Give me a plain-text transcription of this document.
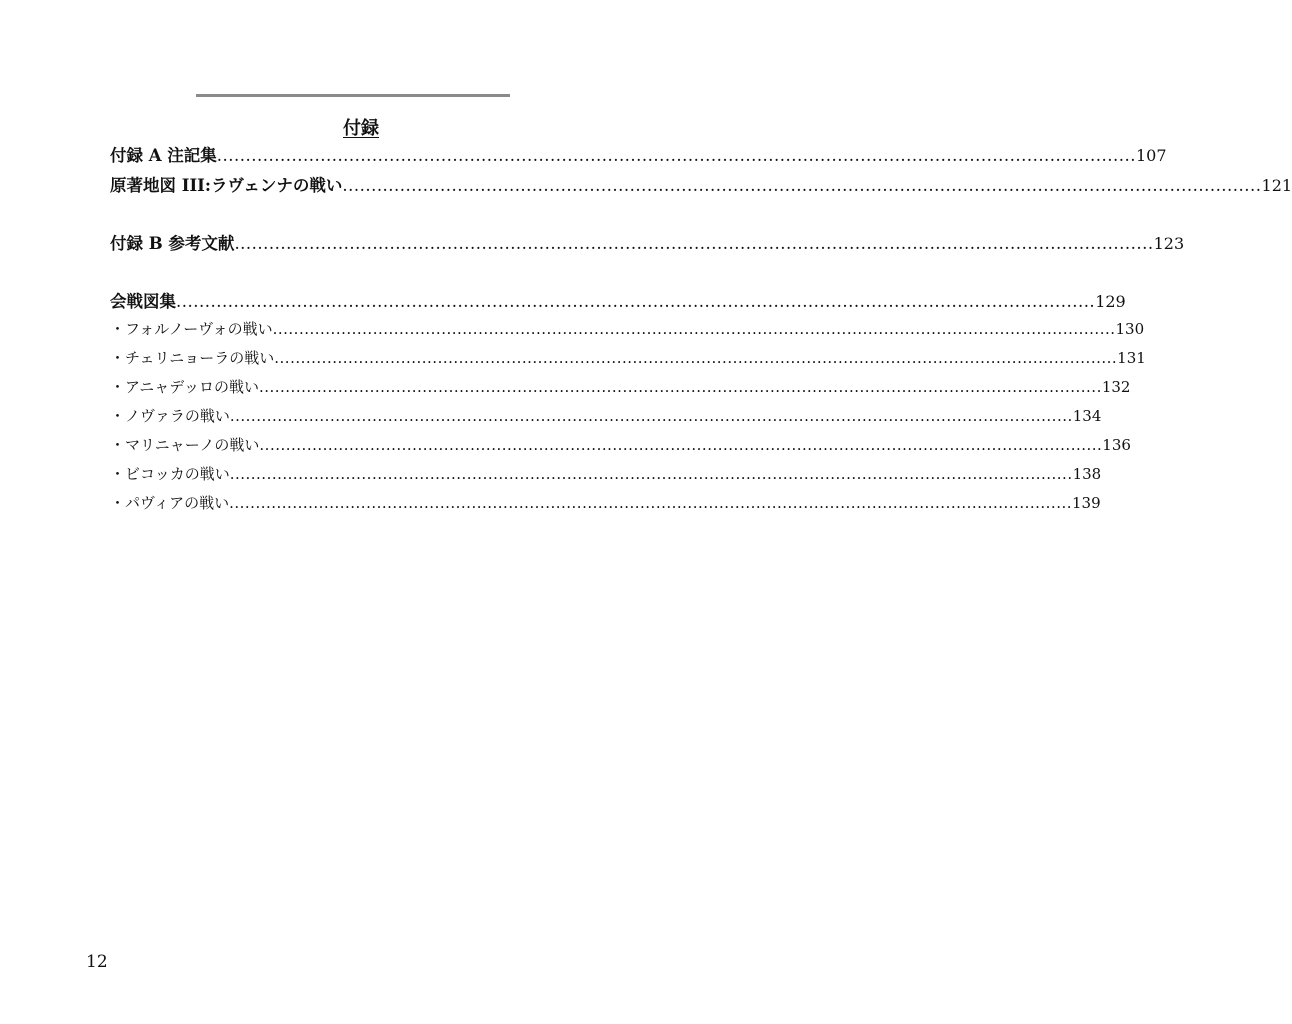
付録
付録 A 注記集 ................................................................................................................................................................ 107
原著地図 III:ラヴェンナの戦い ................................................................................................................................................................ 121
付録 B 参考文献 ................................................................................................................................................................ 123
会戦図集 ................................................................................................................................................................ 129
・フォルノーヴォの戦い ................................................................................................................................................................ 130
・チェリニョーラの戦い ................................................................................................................................................................ 131
・アニャデッロの戦い ................................................................................................................................................................ 132
・ノヴァラの戦い ................................................................................................................................................................ 134
・マリニャーノの戦い ................................................................................................................................................................ 136
・ビコッカの戦い ................................................................................................................................................................ 138
・パヴィアの戦い ................................................................................................................................................................ 139
12
